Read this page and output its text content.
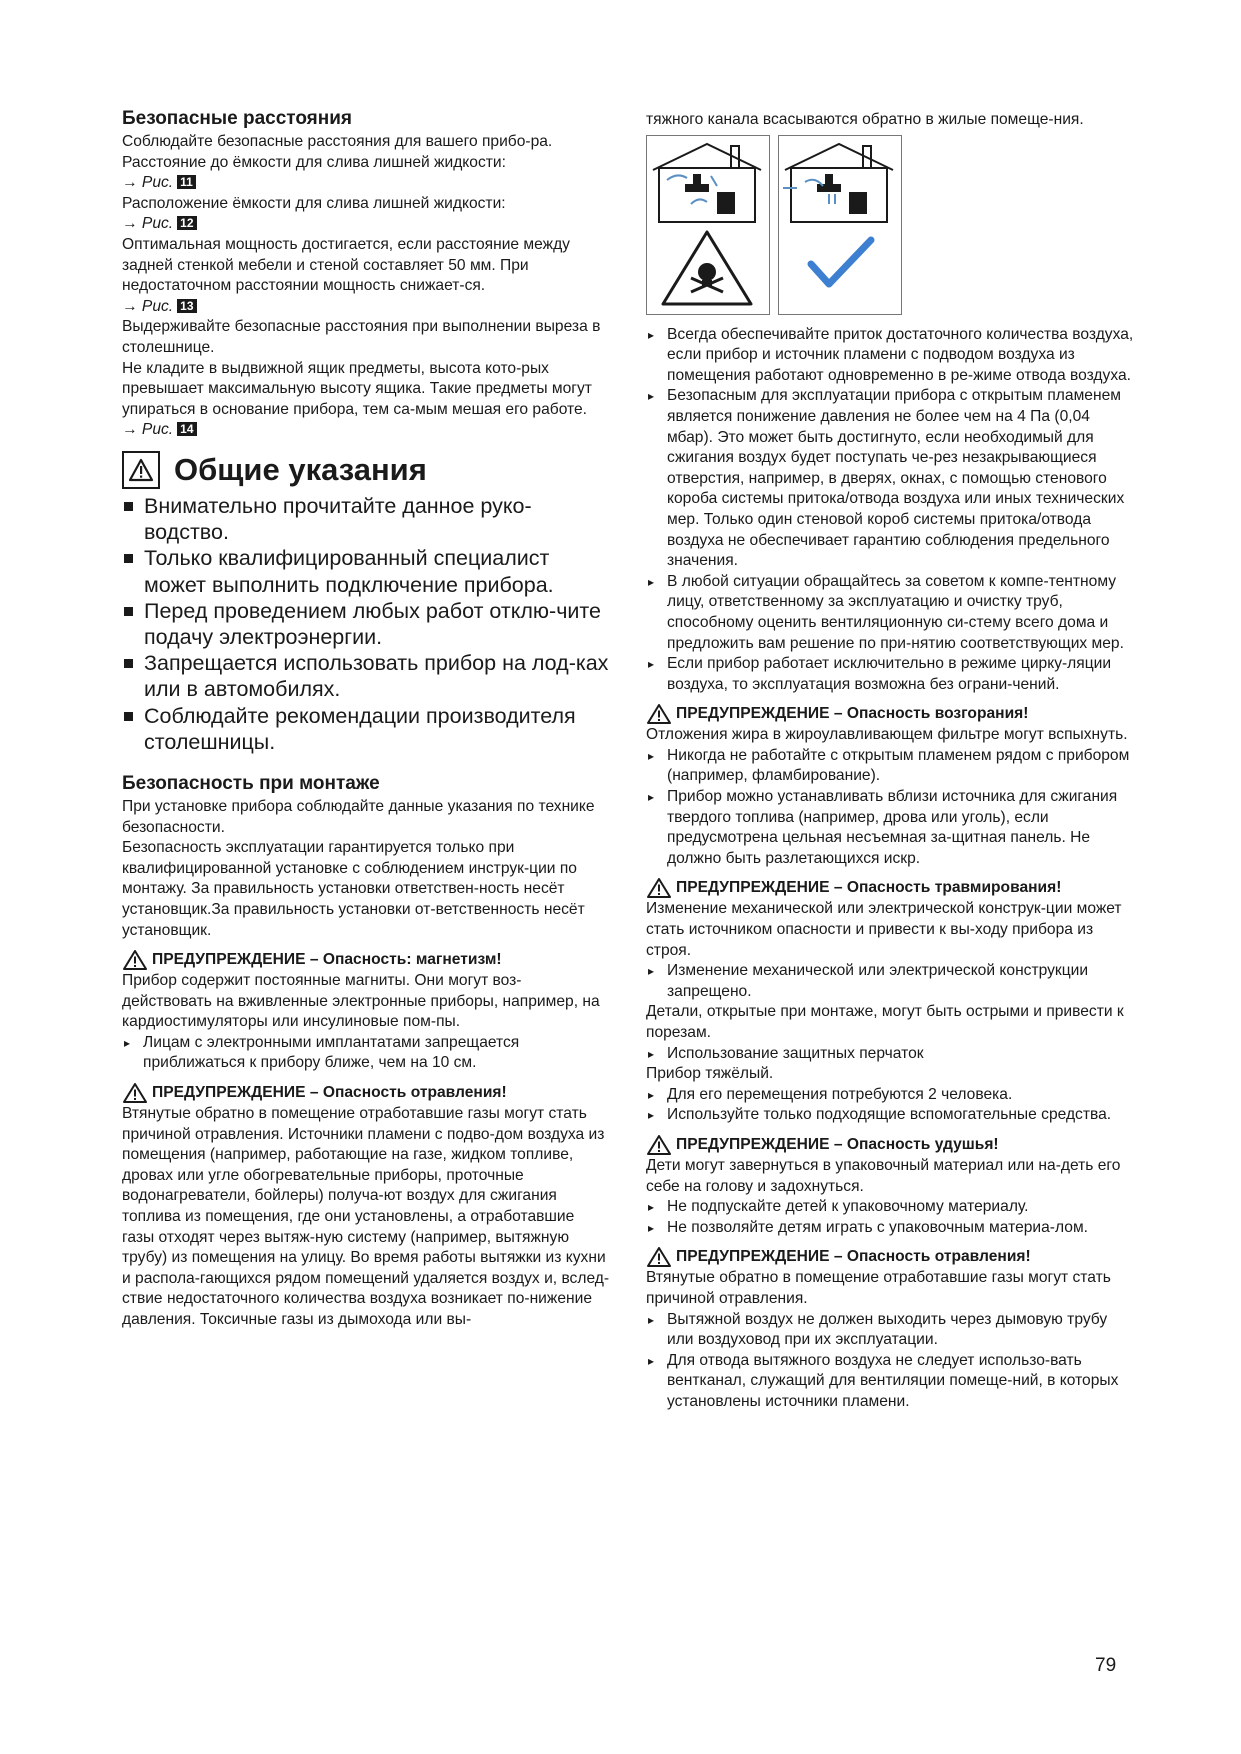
Безопасные расстояния

Соблюдайте безопасные расстояния для вашего прибо-ра.

Расстояние до ёмкости для слива лишней жидкости:

→ Рис. 11

Расположение ёмкости для слива лишней жидкости:

→ Рис. 12

Оптимальная мощность достигается, если расстояние между задней стенкой мебели и стеной составляет 50 мм. При недостаточном расстоянии мощность снижает-ся.

→ Рис. 13

Выдерживайте безопасные расстояния при выполнении выреза в столешнице.

Не кладите в выдвижной ящик предметы, высота кото-рых превышает максимальную высоту ящика. Такие предметы могут упираться в основание прибора, тем са-мым мешая его работе.

→ Рис. 14

Общие указания
Внимательно прочитайте данное руко-водство.
Только квалифицированный специалист может выполнить подключение прибора.
Перед проведением любых работ отклю-чите подачу электроэнергии.
Запрещается использовать прибор на лод-ках или в автомобилях.
Соблюдайте рекомендации производителя столешницы.

Безопасность при монтаже

При установке прибора соблюдайте данные указания по технике безопасности.

Безопасность эксплуатации гарантируется только при квалифицированной установке с соблюдением инструк-ции по монтажу. За правильность установки ответствен-ность несёт установщик.За правильность установки от-ветственность несёт установщик.

ПРЕДУПРЕЖДЕНИЕ – Опасность: магнетизм!

Прибор содержит постоянные магниты. Они могут воз-действовать на вживленные электронные приборы, например, на кардиостимуляторы или инсулиновые пом-пы.

▸ Лицам с электронными имплантатами запрещается приближаться к прибору ближе, чем на 10 см.

ПРЕДУПРЕЖДЕНИЕ – Опасность отравления!

Втянутые обратно в помещение отработавшие газы могут стать причиной отравления. Источники пламени с подво-дом воздуха из помещения (например, работающие на газе, жидком топливе, дровах или угле обогревательные приборы, проточные водонагреватели, бойлеры) получа-ют воздух для сжигания топлива из помещения, где они установлены, а отработавшие газы отходят через вытяж-ную систему (например, вытяжную трубу) из помещения на улицу. Во время работы вытяжки из кухни и распола-гающихся рядом помещений удаляется воздух и, вслед-ствие недостаточного количества воздуха возникает по-нижение давления. Токсичные газы из дымохода или вы-

тяжного канала всасываются обратно в жилые помеще-ния.

▸ Всегда обеспечивайте приток достаточного количества воздуха, если прибор и источник пламени с подводом воздуха из помещения работают одновременно в ре-жиме отвода воздуха.
▸ Безопасным для эксплуатации прибора с открытым пламенем является понижение давления не более чем на 4 Па (0,04 мбар). Это может быть достигнуто, если необходимый для сжигания воздух будет поступать че-рез незакрывающиеся отверстия, например, в дверях, окнах, с помощью стенового короба системы притока/отвода воздуха или иных технических мер. Только один стеновой короб системы притока/отвода воздуха не обеспечивает гарантию соблюдения предельного значения.
▸ В любой ситуации обращайтесь за советом к компе-тентному лицу, ответственному за эксплуатацию и очистку труб, способному оценить вентиляционную си-стему всего дома и предложить вам решение по при-нятию соответствующих мер.
▸ Если прибор работает исключительно в режиме цирку-ляции воздуха, то эксплуатация возможна без ограни-чений.

ПРЕДУПРЕЖДЕНИЕ – Опасность возгорания!

Отложения жира в жироулавливающем фильтре могут вспыхнуть.

▸ Никогда не работайте с открытым пламенем рядом с прибором (например, фламбирование).
▸ Прибор можно устанавливать вблизи источника для сжигания твердого топлива (например, дрова или уголь), если предусмотрена цельная несъемная за-щитная панель. Не должно быть разлетающихся искр.

ПРЕДУПРЕЖДЕНИЕ – Опасность травмирования!

Изменение механической или электрической конструк-ции может стать источником опасности и привести к вы-ходу прибора из строя.

▸ Изменение механической или электрической конструкции запрещено.

Детали, открытые при монтаже, могут быть острыми и привести к порезам.

▸ Использование защитных перчаток

Прибор тяжёлый.

▸ Для его перемещения потребуются 2 человека.
▸ Используйте только подходящие вспомогательные средства.

ПРЕДУПРЕЖДЕНИЕ – Опасность удушья!

Дети могут завернуться в упаковочный материал или на-деть его себе на голову и задохнуться.

▸ Не подпускайте детей к упаковочному материалу.
▸ Не позволяйте детям играть с упаковочным материа-лом.

ПРЕДУПРЕЖДЕНИЕ – Опасность отравления!

Втянутые обратно в помещение отработавшие газы могут стать причиной отравления.

▸ Вытяжной воздух не должен выходить через дымовую трубу или воздуховод при их эксплуатации.
▸ Для отвода вытяжного воздуха не следует использо-вать вентканал, служащий для вентиляции помеще-ний, в которых установлены источники пламени.
79
